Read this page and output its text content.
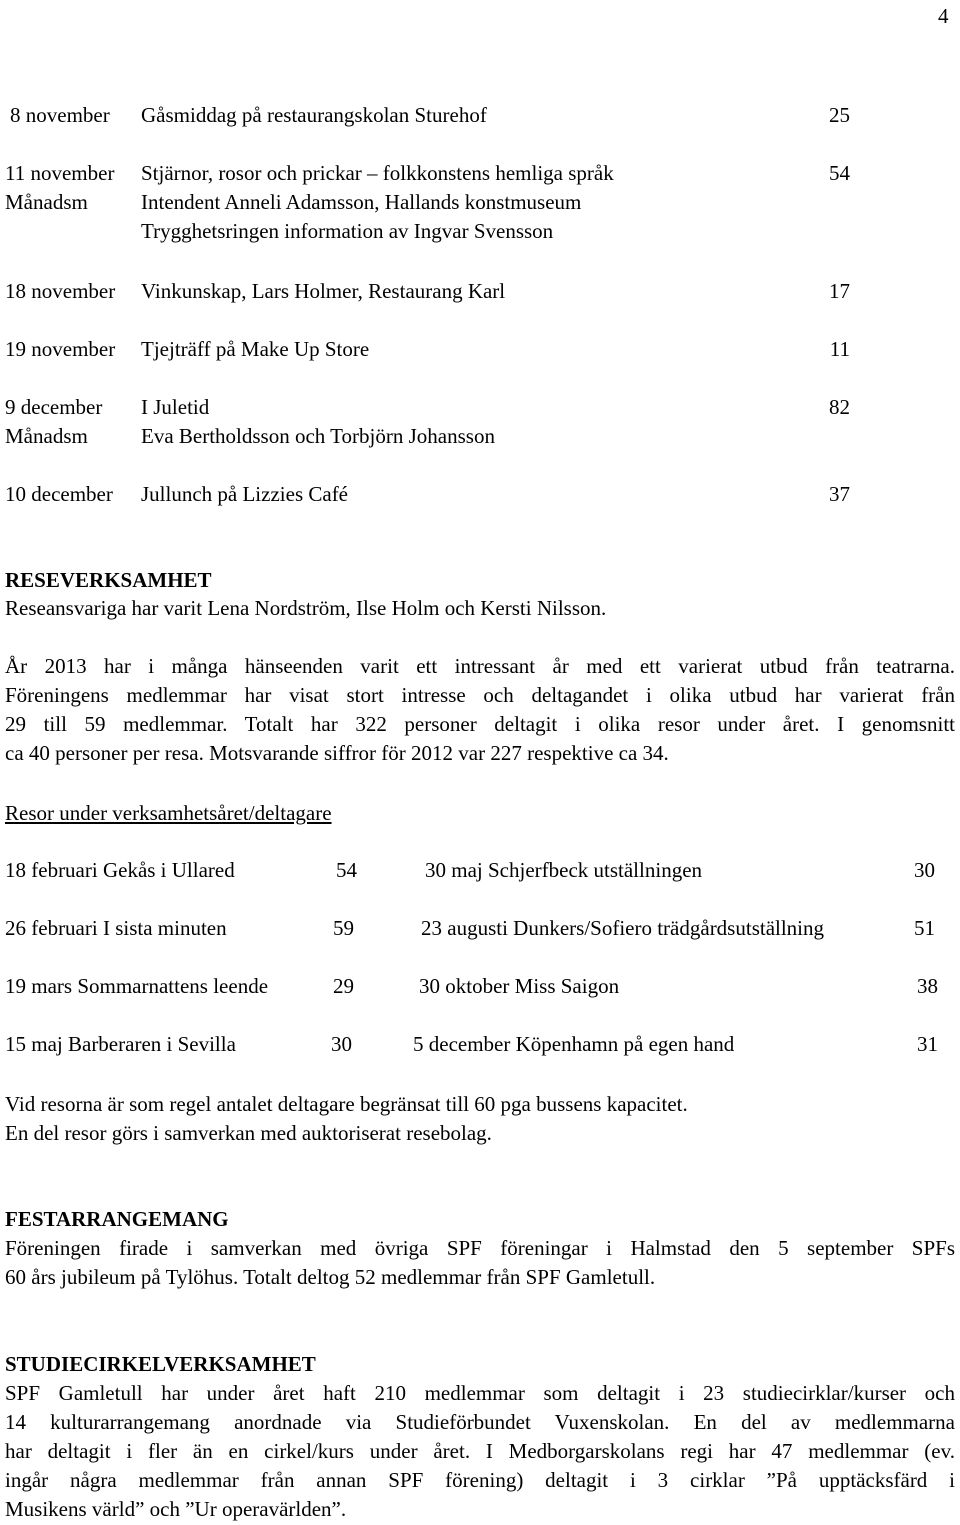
4
8 november Gåsmiddag på restaurangskolan Sturehof	25
11 november Stjärnor, rosor och prickar – folkkonstens hemliga språk	54
Månadsm	Intendent Anneli Adamsson, Hallands konstmuseum
Trygghetsringen information av Ingvar Svensson
18 november Vinkunskap, Lars Holmer, Restaurang Karl	17
19 november Tjejträff på Make Up Store	11
9 december I Juletid	82
Månadsm	Eva Bertholdsson och Torbjörn Johansson
10 december Jullunch på Lizzies Café	37
RESEVERKSAMHET
Reseansvariga har varit Lena Nordström, Ilse Holm och Kersti Nilsson.
År 2013 har i många hänseenden varit ett intressant år med ett varierat utbud från teatrarna.
Föreningens medlemmar har visat stort intresse och deltagandet i olika utbud har varierat från
29 till 59 medlemmar. Totalt har 322 personer deltagit i olika resor under året. I genomsnitt
ca 40 personer per resa. Motsvarande siffror för 2012 var 227 respektive ca 34.
Resor under verksamhetsåret/deltagare
18 februari Gekås i Ullared	54	30 maj Schjerfbeck utställningen	30
26 februari I sista minuten	59	23 augusti Dunkers/Sofiero trädgårdsutställning	51
19 mars Sommarnattens leende	29	30 oktober Miss Saigon	38
15 maj Barberaren i Sevilla	30	5 december Köpenhamn på egen hand	31
Vid resorna är som regel antalet deltagare begränsat till 60 pga bussens kapacitet.
En del resor görs i samverkan med auktoriserat resebolag.
FESTARRANGEMANG
Föreningen firade i samverkan med övriga SPF föreningar i Halmstad den 5 september SPFs
60 års jubileum på Tylöhus. Totalt deltog 52 medlemmar från SPF Gamletull.
STUDIECIRKELVERKSAMHET
SPF Gamletull har under året haft 210 medlemmar som deltagit i 23 studiecirklar/kurser och
14 kulturarrangemang anordnade via Studieförbundet Vuxenskolan. En del av medlemmarna
har deltagit i fler än en cirkel/kurs under året. I Medborgarskolans regi har 47 medlemmar (ev.
ingår några medlemmar från annan SPF förening) deltagit i 3 cirklar ”På upptäcksfärd i
Musikens värld” och ”Ur operavärlden”.
